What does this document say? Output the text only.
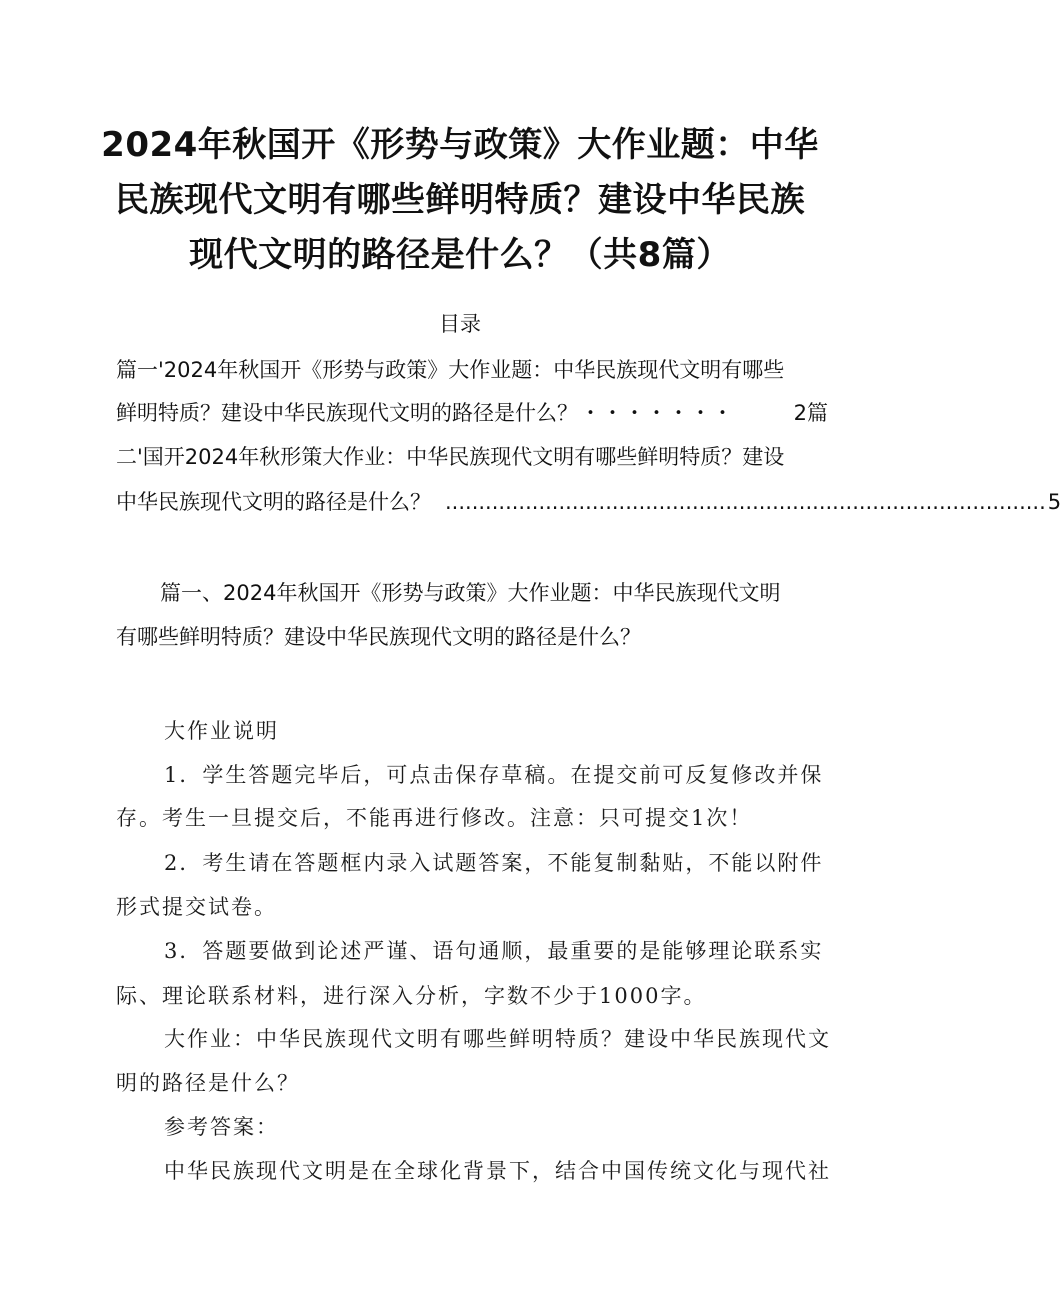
2024年秋国开《形势与政策》大作业题：中华
民族现代文明有哪些鲜明特质？建设中华民族
现代文明的路径是什么？（共8篇）
目录
篇一'2024年秋国开《形势与政策》大作业题：中华民族现代文明有哪些
鲜明特质？建设中华民族现代文明的路径是什么？ ・・・・・・・	2篇
二'国开2024年秋形策大作业：中华民族现代文明有哪些鲜明特质？建设
中华民族现代文明的路径是什么？ .......................................................................................... 5
篇一、2024年秋国开《形势与政策》大作业题：中华民族现代文明
有哪些鲜明特质？建设中华民族现代文明的路径是什么？
大作业说明
1．学生答题完毕后，可点击保存草稿。在提交前可反复修改并保
存。考生一旦提交后，不能再进行修改。注意：只可提交1次！
2．考生请在答题框内录入试题答案，不能复制黏贴，不能以附件
形式提交试卷。
3．答题要做到论述严谨、语句通顺，最重要的是能够理论联系实
际、理论联系材料，进行深入分析，字数不少于1000字。
大作业：中华民族现代文明有哪些鲜明特质？建设中华民族现代文
明的路径是什么？
参考答案：
中华民族现代文明是在全球化背景下，结合中国传统文化与现代社
